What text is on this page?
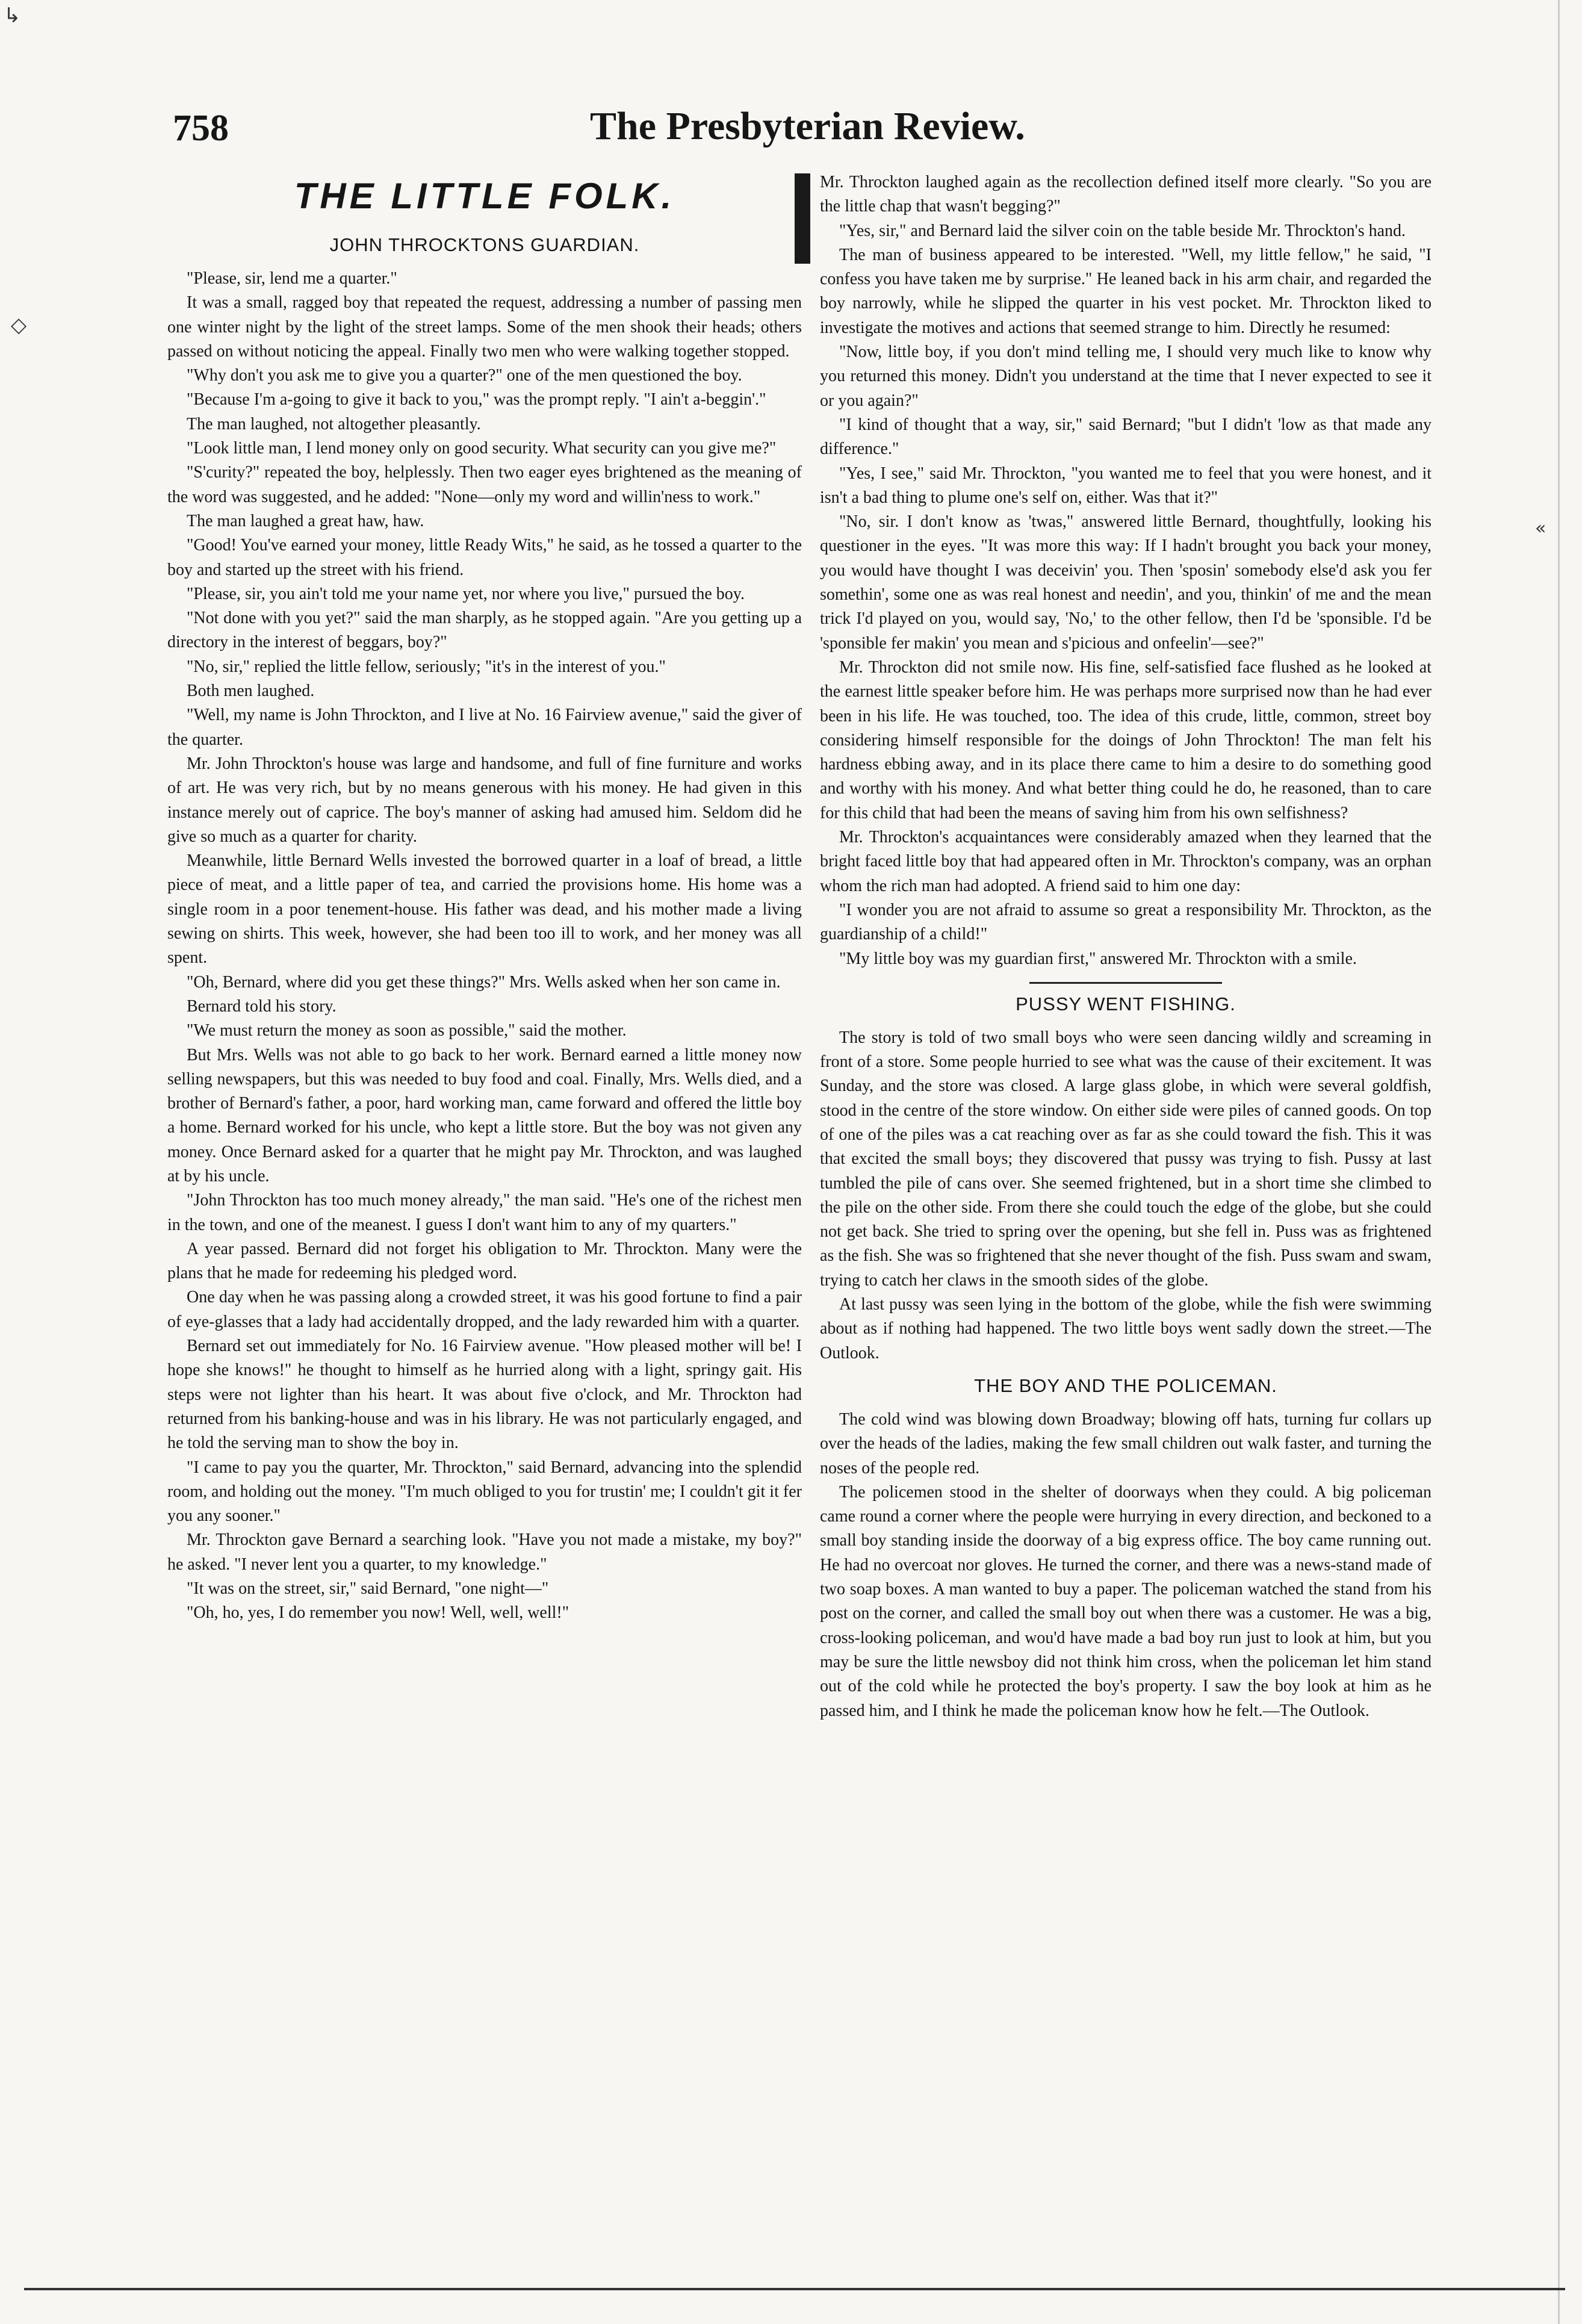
758	The Presbyterian Review.
◇
↳
«
THE LITTLE FOLK.
JOHN THROCKTONS GUARDIAN.

"Please, sir, lend me a quarter."

It was a small, ragged boy that repeated the request, addressing a number of passing men one winter night by the light of the street lamps. Some of the men shook their heads; others passed on without noticing the appeal. Finally two men who were walking together stopped.

"Why don't you ask me to give you a quarter?" one of the men questioned the boy.

"Because I'm a-going to give it back to you," was the prompt reply. "I ain't a-beggin'."

The man laughed, not altogether pleasantly.

"Look little man, I lend money only on good security. What security can you give me?"

"S'curity?" repeated the boy, helplessly. Then two eager eyes brightened as the meaning of the word was suggested, and he added: "None—only my word and willin'ness to work."

The man laughed a great haw, haw.

"Good! You've earned your money, little Ready Wits," he said, as he tossed a quarter to the boy and started up the street with his friend.

"Please, sir, you ain't told me your name yet, nor where you live," pursued the boy.

"Not done with you yet?" said the man sharply, as he stopped again. "Are you getting up a directory in the interest of beggars, boy?"

"No, sir," replied the little fellow, seriously; "it's in the interest of you."

Both men laughed.

"Well, my name is John Throckton, and I live at No. 16 Fairview avenue," said the giver of the quarter.

Mr. John Throckton's house was large and handsome, and full of fine furniture and works of art. He was very rich, but by no means generous with his money. He had given in this instance merely out of caprice. The boy's manner of asking had amused him. Seldom did he give so much as a quarter for charity.

Meanwhile, little Bernard Wells invested the borrowed quarter in a loaf of bread, a little piece of meat, and a little paper of tea, and carried the provisions home. His home was a single room in a poor tenement-house. His father was dead, and his mother made a living sewing on shirts. This week, however, she had been too ill to work, and her money was all spent.

"Oh, Bernard, where did you get these things?" Mrs. Wells asked when her son came in.

Bernard told his story.

"We must return the money as soon as possible," said the mother.

But Mrs. Wells was not able to go back to her work. Bernard earned a little money now selling newspapers, but this was needed to buy food and coal. Finally, Mrs. Wells died, and a brother of Bernard's father, a poor, hard working man, came forward and offered the little boy a home. Bernard worked for his uncle, who kept a little store. But the boy was not given any money. Once Bernard asked for a quarter that he might pay Mr. Throckton, and was laughed at by his uncle.

"John Throckton has too much money already," the man said. "He's one of the richest men in the town, and one of the meanest. I guess I don't want him to any of my quarters."

A year passed. Bernard did not forget his obligation to Mr. Throckton. Many were the plans that he made for redeeming his pledged word.

One day when he was passing along a crowded street, it was his good fortune to find a pair of eye-glasses that a lady had accidentally dropped, and the lady rewarded him with a quarter.

Bernard set out immediately for No. 16 Fairview avenue. "How pleased mother will be! I hope she knows!" he thought to himself as he hurried along with a light, springy gait. His steps were not lighter than his heart. It was about five o'clock, and Mr. Throckton had returned from his banking-house and was in his library. He was not particularly engaged, and he told the serving man to show the boy in.

"I came to pay you the quarter, Mr. Throckton," said Bernard, advancing into the splendid room, and holding out the money. "I'm much obliged to you for trustin' me; I couldn't git it fer you any sooner."

Mr. Throckton gave Bernard a searching look. "Have you not made a mistake, my boy?" he asked. "I never lent you a quarter, to my knowledge."

"It was on the street, sir," said Bernard, "one night—"

"Oh, ho, yes, I do remember you now! Well, well, well!"

Mr. Throckton laughed again as the recollection defined itself more clearly. "So you are the little chap that wasn't begging?"

"Yes, sir," and Bernard laid the silver coin on the table beside Mr. Throckton's hand.

The man of business appeared to be interested. "Well, my little fellow," he said, "I confess you have taken me by surprise." He leaned back in his arm chair, and regarded the boy narrowly, while he slipped the quarter in his vest pocket. Mr. Throckton liked to investigate the motives and actions that seemed strange to him. Directly he resumed:

"Now, little boy, if you don't mind telling me, I should very much like to know why you returned this money. Didn't you understand at the time that I never expected to see it or you again?"

"I kind of thought that a way, sir," said Bernard; "but I didn't 'low as that made any difference."

"Yes, I see," said Mr. Throckton, "you wanted me to feel that you were honest, and it isn't a bad thing to plume one's self on, either. Was that it?"

"No, sir. I don't know as 'twas," answered little Bernard, thoughtfully, looking his questioner in the eyes. "It was more this way: If I hadn't brought you back your money, you would have thought I was deceivin' you. Then 'sposin' somebody else'd ask you fer somethin', some one as was real honest and needin', and you, thinkin' of me and the mean trick I'd played on you, would say, 'No,' to the other fellow, then I'd be 'sponsible. I'd be 'sponsible fer makin' you mean and s'picious and onfeelin'—see?"

Mr. Throckton did not smile now. His fine, self-satisfied face flushed as he looked at the earnest little speaker before him. He was perhaps more surprised now than he had ever been in his life. He was touched, too. The idea of this crude, little, common, street boy considering himself responsible for the doings of John Throckton! The man felt his hardness ebbing away, and in its place there came to him a desire to do something good and worthy with his money. And what better thing could he do, he reasoned, than to care for this child that had been the means of saving him from his own selfishness?

Mr. Throckton's acquaintances were considerably amazed when they learned that the bright faced little boy that had appeared often in Mr. Throckton's company, was an orphan whom the rich man had adopted. A friend said to him one day:

"I wonder you are not afraid to assume so great a responsibility Mr. Throckton, as the guardianship of a child!"

"My little boy was my guardian first," answered Mr. Throckton with a smile.

PUSSY WENT FISHING.

The story is told of two small boys who were seen dancing wildly and screaming in front of a store. Some people hurried to see what was the cause of their excitement. It was Sunday, and the store was closed. A large glass globe, in which were several goldfish, stood in the centre of the store window. On either side were piles of canned goods. On top of one of the piles was a cat reaching over as far as she could toward the fish. This it was that excited the small boys; they discovered that pussy was trying to fish. Pussy at last tumbled the pile of cans over. She seemed frightened, but in a short time she climbed to the pile on the other side. From there she could touch the edge of the globe, but she could not get back. She tried to spring over the opening, but she fell in. Puss was as frightened as the fish. She was so frightened that she never thought of the fish. Puss swam and swam, trying to catch her claws in the smooth sides of the globe.

At last pussy was seen lying in the bottom of the globe, while the fish were swimming about as if nothing had happened. The two little boys went sadly down the street.—The Outlook.

THE BOY AND THE POLICEMAN.

The cold wind was blowing down Broadway; blowing off hats, turning fur collars up over the heads of the ladies, making the few small children out walk faster, and turning the noses of the people red.

The policemen stood in the shelter of doorways when they could. A big policeman came round a corner where the people were hurrying in every direction, and beckoned to a small boy standing inside the doorway of a big express office. The boy came running out. He had no overcoat nor gloves. He turned the corner, and there was a news-stand made of two soap boxes. A man wanted to buy a paper. The policeman watched the stand from his post on the corner, and called the small boy out when there was a customer. He was a big, cross-looking policeman, and wou'd have made a bad boy run just to look at him, but you may be sure the little newsboy did not think him cross, when the policeman let him stand out of the cold while he protected the boy's property. I saw the boy look at him as he passed him, and I think he made the policeman know how he felt.—The Outlook.
